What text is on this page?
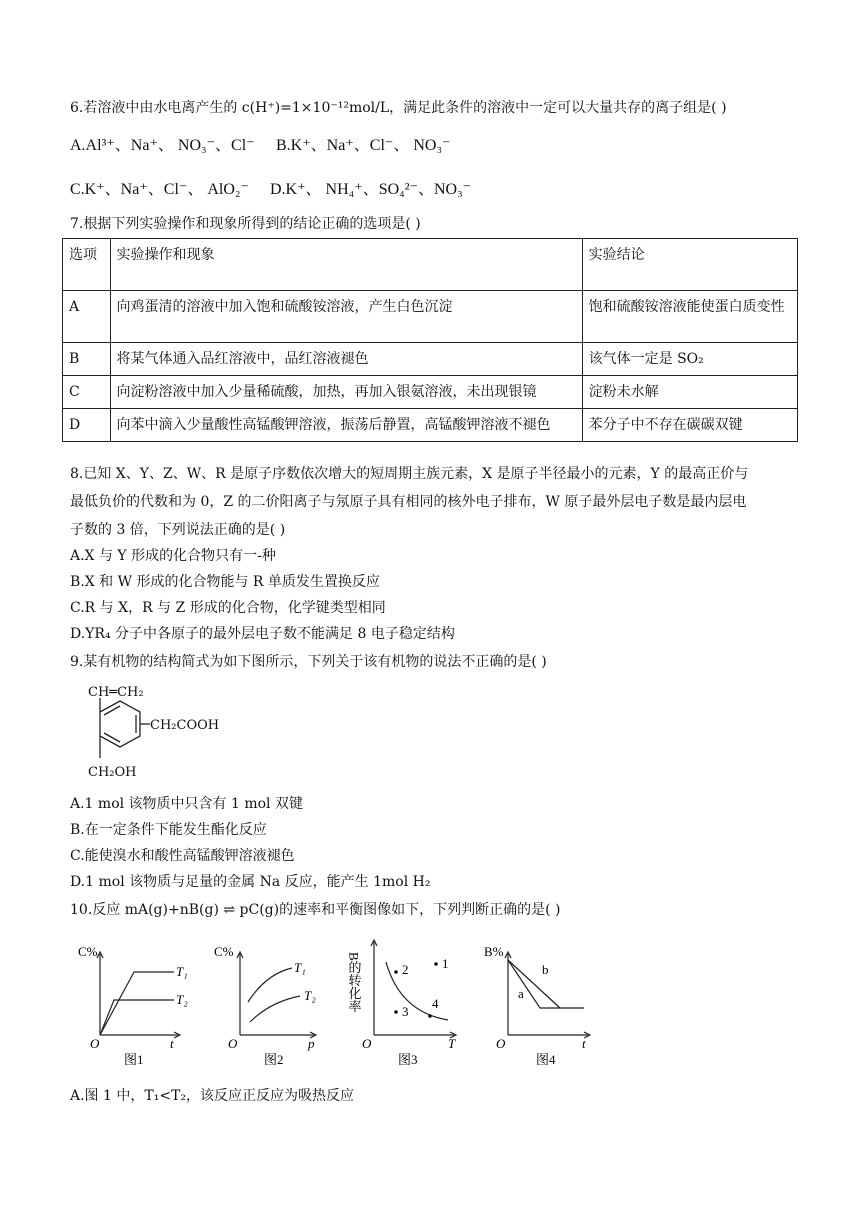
6.若溶液中由水电离产生的 c(H⁺)=1×10⁻¹²mol/L，满足此条件的溶液中一定可以大量共存的离子组是( )
A.Al³⁺、Na⁺、 NO₃⁻、Cl⁻ B.K⁺、Na⁺、Cl⁻、 NO₃⁻
C.K⁺、Na⁺、Cl⁻、 AlO₂⁻ D.K⁺、 NH₄⁺、SO₄²⁻、NO₃⁻
7.根据下列实验操作和现象所得到的结论正确的选项是( )
选项	实验操作和现象	实验结论
A	向鸡蛋清的溶液中加入饱和硫酸铵溶液，产生白色沉淀	饱和硫酸铵溶液能使蛋白质变性
B	将某气体通入品红溶液中，品红溶液褪色	该气体一定是 SO₂
C	向淀粉溶液中加入少量稀硫酸，加热，再加入银氨溶液，未出现银镜	淀粉未水解
D	向苯中滴入少量酸性高锰酸钾溶液，振荡后静置，高锰酸钾溶液不褪色	苯分子中不存在碳碳双键
8.已知 X、Y、Z、W、R 是原子序数依次增大的短周期主族元素，X 是原子半径最小的元素，Y 的最高正价与
最低负价的代数和为 0，Z 的二价阳离子与氖原子具有相同的核外电子排布，W 原子最外层电子数是最内层电
子数的 3 倍，下列说法正确的是( )
A.X 与 Y 形成的化合物只有一-种
B.X 和 W 形成的化合物能与 R 单质发生置换反应
C.R 与 X，R 与 Z 形成的化合物，化学键类型相同
D.YR₄ 分子中各原子的最外层电子数不能满足 8 电子稳定结构
9.某有机物的结构简式为如下图所示，下列关于该有机物的说法不正确的是( )
CH═CH₂
CH₂COOH
CH₂OH
A.1 mol 该物质中只含有 1 mol 双键
B.在一定条件下能发生酯化反应
C.能使溴水和酸性高锰酸钾溶液褪色
D.1 mol 该物质与足量的金属 Na 反应，能产生 1mol H₂
10.反应 mA(g)+nB(g) ⇌ pC(g)的速率和平衡图像如下，下列判断正确的是( )
C%
T₁
T₂
O	t
图1
C%
T₁
T₂
O	p
图2
B的转化率	1
2
3
4
O	T
图3
B%
a
b
O	t
图4
A.图 1 中，T₁<T₂，该反应正反应为吸热反应
